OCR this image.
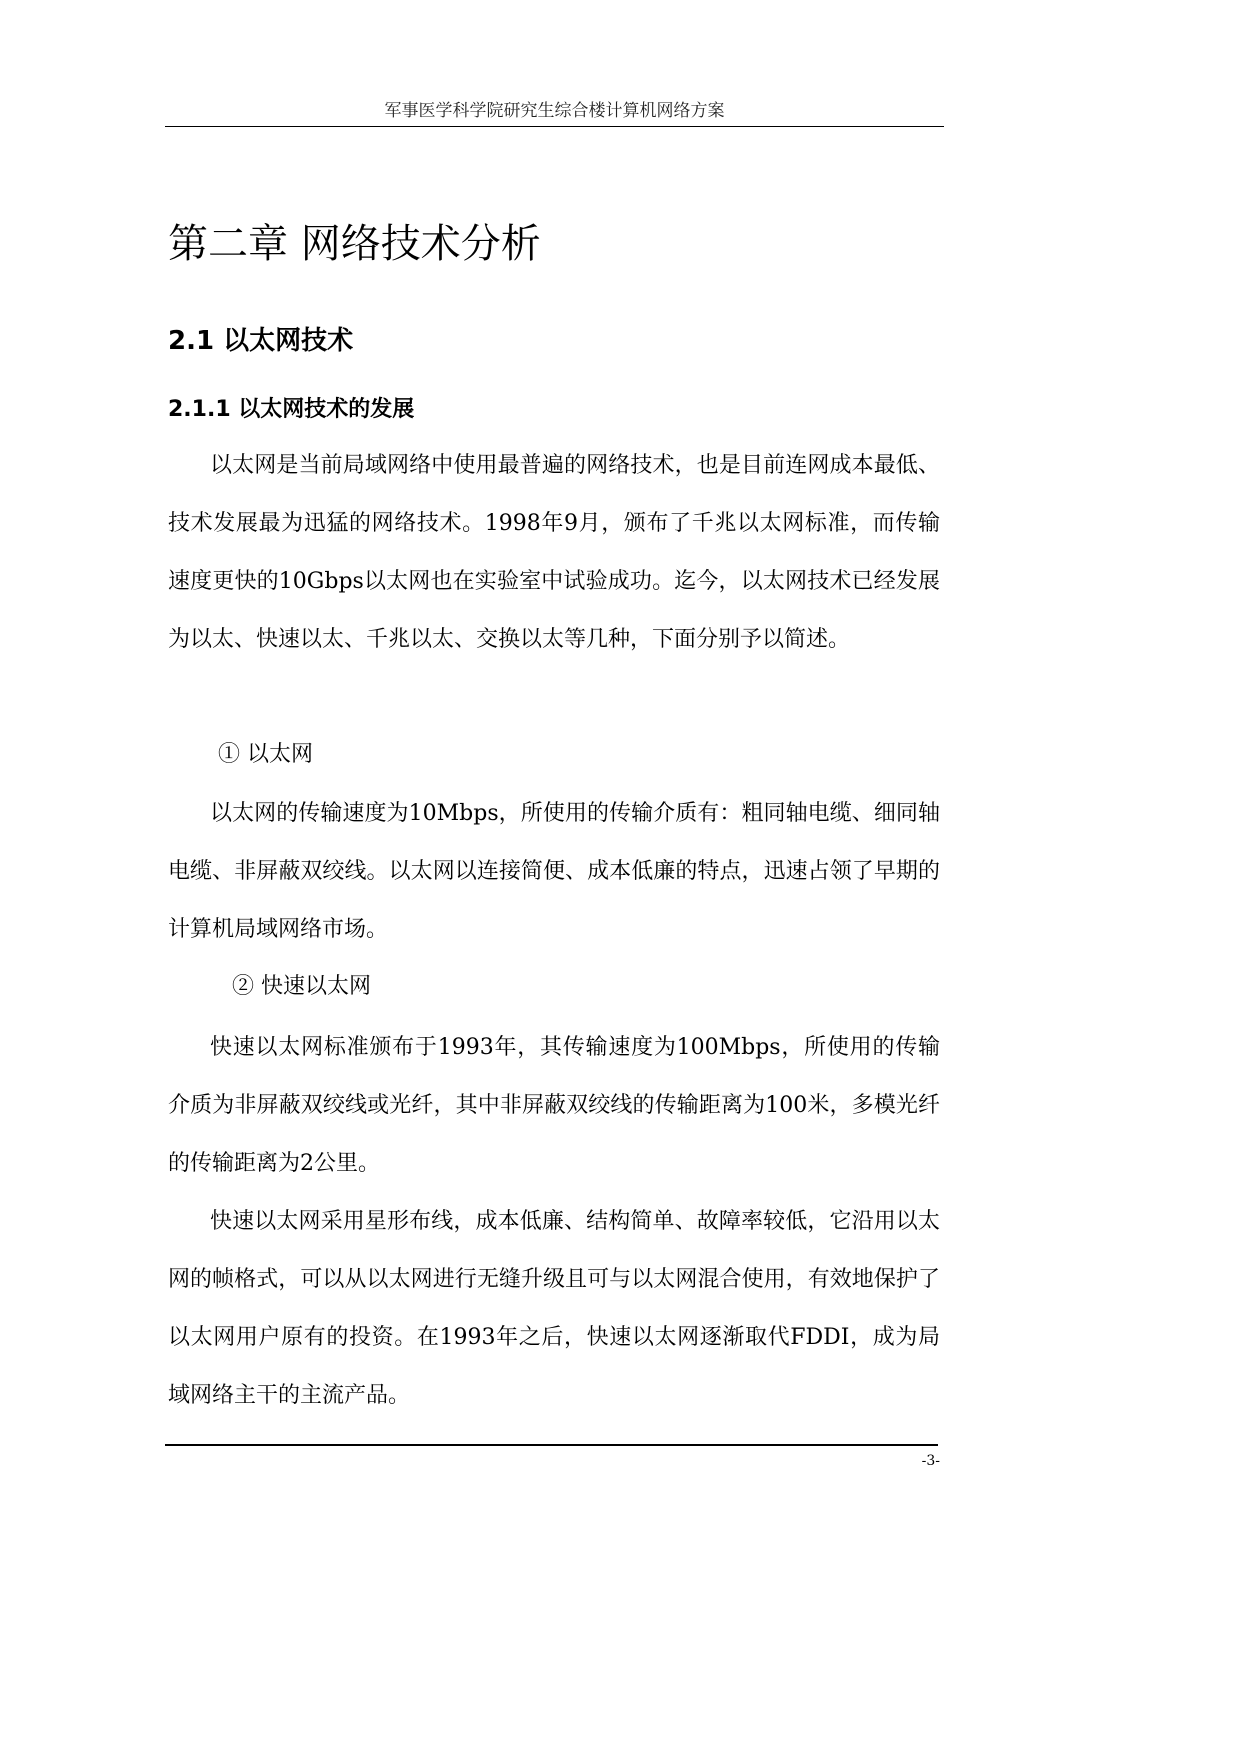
军事医学科学院研究生综合楼计算机网络方案
第二章 网络技术分析
2.1 以太网技术
2.1.1 以太网技术的发展

以太网是当前局域网络中使用最普遍的网络技术，也是目前连网成本最低、技术发展最为迅猛的网络技术。1998年9月，颁布了千兆以太网标准，而传输速度更快的10Gbps以太网也在实验室中试验成功。迄今，以太网技术已经发展为以太、快速以太、千兆以太、交换以太等几种，下面分别予以简述。

① 以太网

以太网的传输速度为10Mbps，所使用的传输介质有：粗同轴电缆、细同轴电缆、非屏蔽双绞线。以太网以连接简便、成本低廉的特点，迅速占领了早期的计算机局域网络市场。

② 快速以太网

快速以太网标准颁布于1993年，其传输速度为100Mbps，所使用的传输介质为非屏蔽双绞线或光纤，其中非屏蔽双绞线的传输距离为100米，多模光纤的传输距离为2公里。

快速以太网采用星形布线，成本低廉、结构简单、故障率较低，它沿用以太网的帧格式，可以从以太网进行无缝升级且可与以太网混合使用，有效地保护了以太网用户原有的投资。在1993年之后，快速以太网逐渐取代FDDI，成为局域网络主干的主流产品。

-3-
